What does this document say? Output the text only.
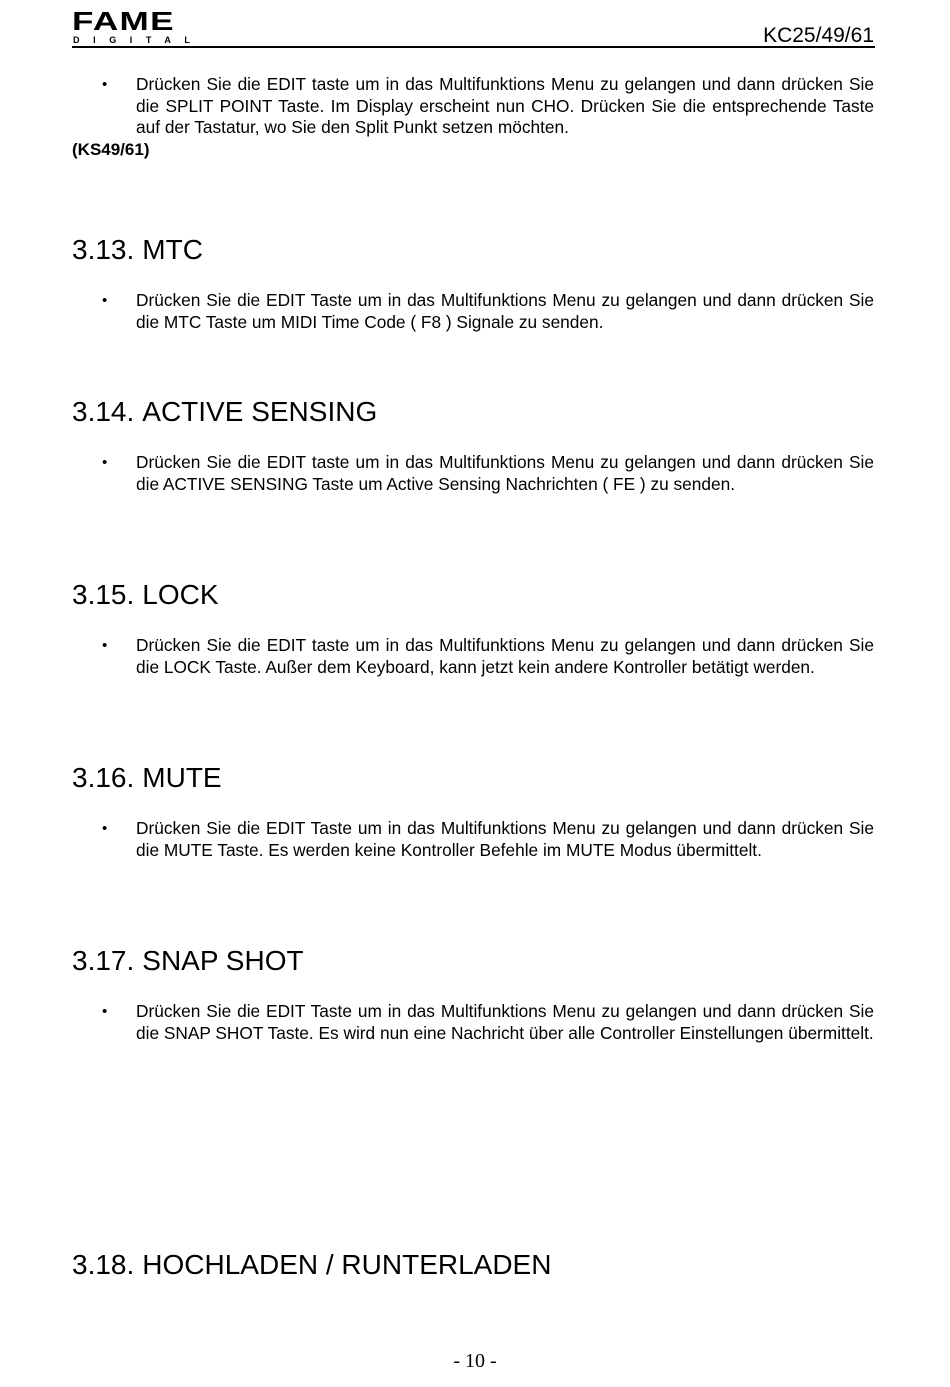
FAME
DIGITAL	KC25/49/61
• Drücken Sie die EDIT taste um in das Multifunktions Menu zu gelangen und dann drücken Sie die SPLIT POINT Taste. Im Display erscheint nun CHO. Drücken Sie die entsprechende Taste auf der Tastatur, wo Sie den Split Punkt setzen möchten.
(KS49/61)
3.13. MTC
• Drücken Sie die EDIT Taste um in das Multifunktions Menu zu gelangen und dann drücken Sie die MTC Taste um MIDI Time Code ( F8 ) Signale zu senden.
3.14. ACTIVE SENSING
• Drücken Sie die EDIT taste um in das Multifunktions Menu zu gelangen und dann drücken Sie die ACTIVE SENSING Taste um Active Sensing Nachrichten ( FE ) zu senden.
3.15. LOCK
• Drücken Sie die EDIT taste um in das Multifunktions Menu zu gelangen und dann drücken Sie die LOCK Taste. Außer dem Keyboard, kann jetzt kein andere Kontroller betätigt werden.
3.16. MUTE
• Drücken Sie die EDIT Taste um in das Multifunktions Menu zu gelangen und dann drücken Sie die MUTE Taste. Es werden keine Kontroller Befehle im MUTE Modus übermittelt.
3.17. SNAP SHOT
• Drücken Sie die EDIT Taste um in das Multifunktions Menu zu gelangen und dann drücken Sie die SNAP SHOT Taste. Es wird nun eine Nachricht über alle Controller Einstellungen übermittelt.
3.18. HOCHLADEN / RUNTERLADEN
- 10 -
